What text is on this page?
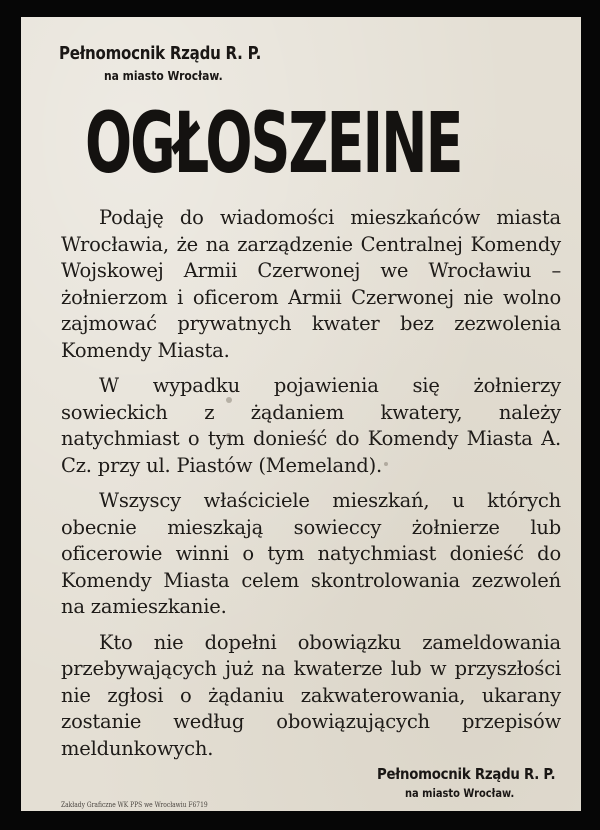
Pełnomocnik Rządu R. P.
na miasto Wrocław.
OGŁOSZEINE

Podaję do wiadomości mieszkańców miasta Wrocławia, że na zarządzenie Centralnej Komendy Wojskowej Armii Czerwonej we Wrocławiu – żołnierzom i oficerom Armii Czerwonej nie wolno zajmować prywatnych kwater bez zezwolenia Komendy Miasta.

W wypadku pojawienia się żołnierzy sowieckich z żądaniem kwatery, należy natychmiast o tym donieść do Komendy Miasta A. Cz. przy ul. Piastów (Memeland).

Wszyscy właściciele mieszkań, u których obecnie mieszkają sowieccy żołnierze lub oficerowie winni o tym natychmiast donieść do Komendy Miasta celem skontrolowania zezwoleń na zamieszkanie.

Kto nie dopełni obowiązku zameldowania przebywających już na kwaterze lub w przyszłości nie zgłosi o żądaniu zakwaterowania, ukarany zostanie według obowiązujących przepisów meldunkowych.

Pełnomocnik Rządu R. P.
na miasto Wrocław.
Zakłady Graficzne WK PPS we Wrocławiu F6719
